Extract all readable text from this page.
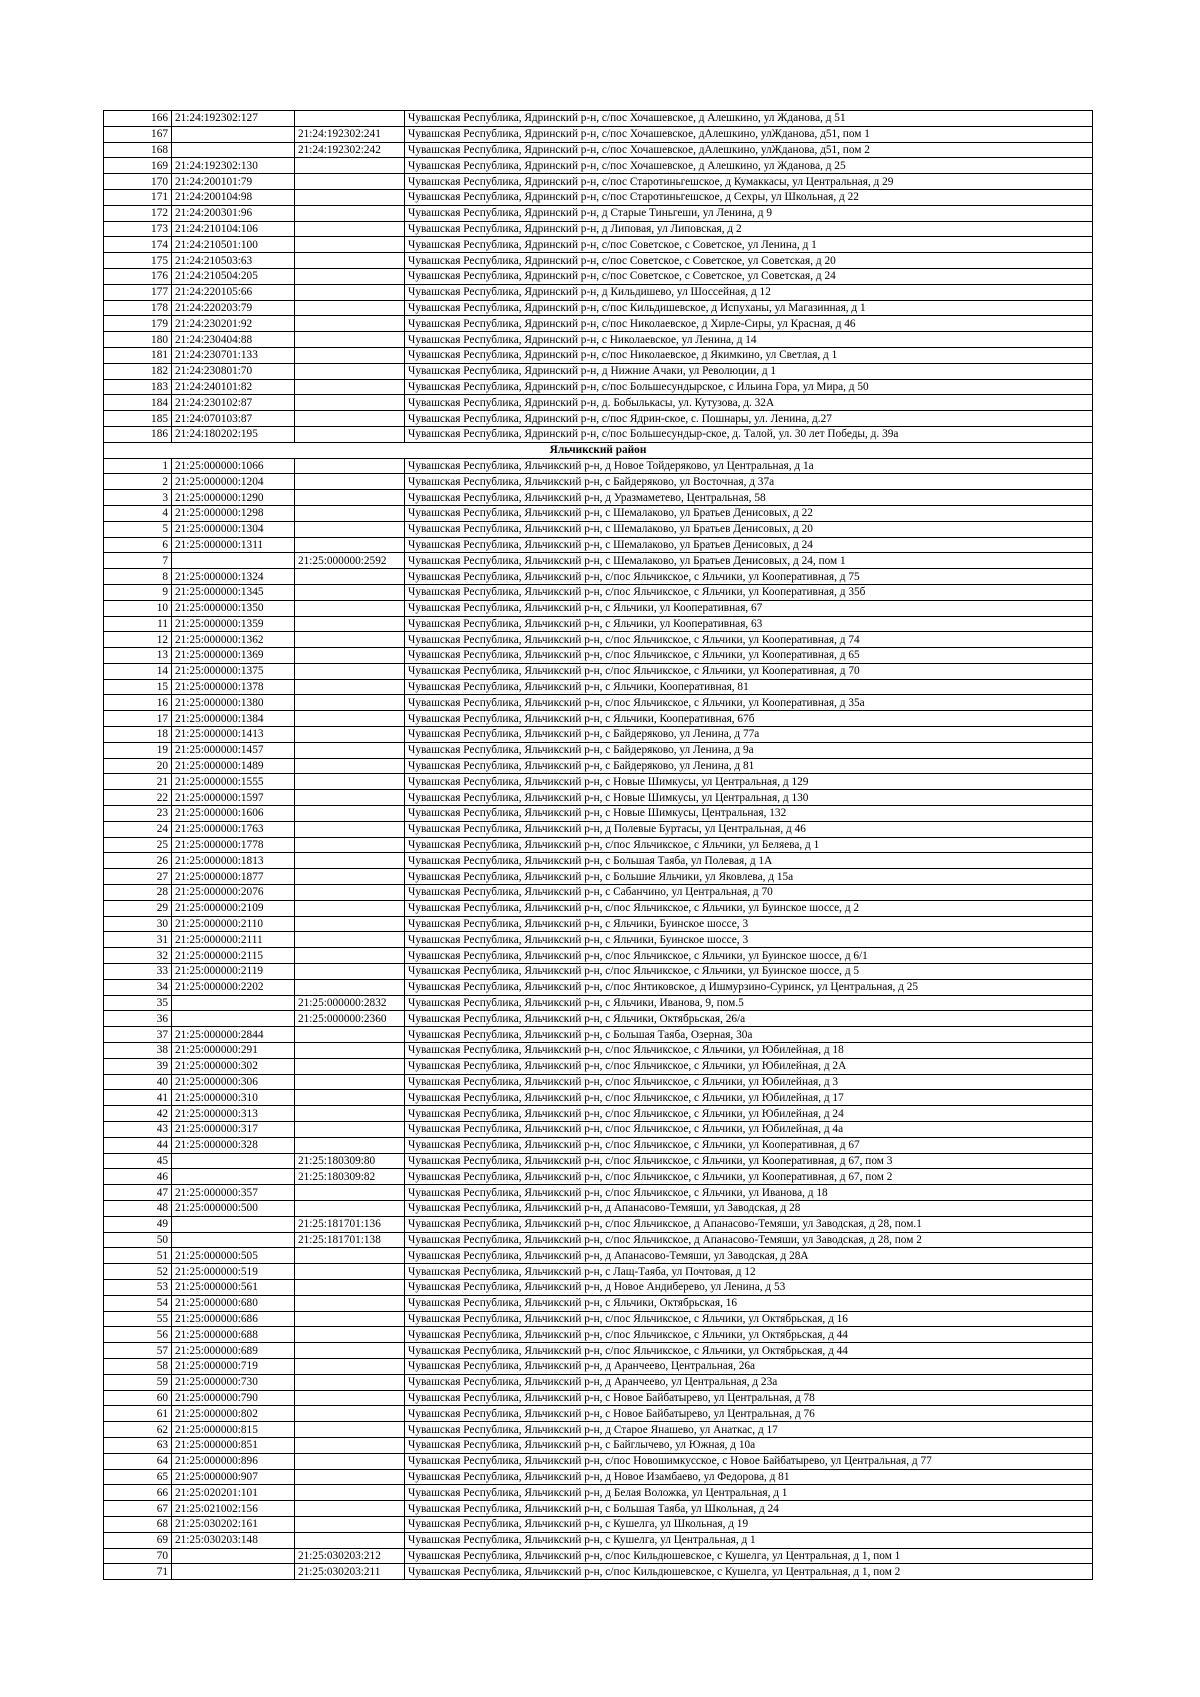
166	21:24:192302:127		Чувашская Республика, Ядринский р-н, с/пос Хочашевское, д Алешкино, ул Жданова, д 51
167		21:24:192302:241	Чувашская Республика, Ядринский р-н, с/пос Хочашевское, дАлешкино, улЖданова, д51, пом 1
168		21:24:192302:242	Чувашская Республика, Ядринский р-н, с/пос Хочашевское, дАлешкино, улЖданова, д51, пом 2
169	21:24:192302:130		Чувашская Республика, Ядринский р-н, с/пос Хочашевское, д Алешкино, ул Жданова, д 25
170	21:24:200101:79		Чувашская Республика, Ядринский р-н, с/пос Старотиньгешское, д Кумаккасы, ул Центральная, д 29
171	21:24:200104:98		Чувашская Республика, Ядринский р-н, с/пос Старотиньгешское, д Сехры, ул Школьная, д 22
172	21:24:200301:96		Чувашская Республика, Ядринский р-н, д Старые Тиньгеши, ул Ленина, д 9
173	21:24:210104:106		Чувашская Республика, Ядринский р-н, д Липовая, ул Липовская, д 2
174	21:24:210501:100		Чувашская Республика, Ядринский р-н, с/пос Советское, с Советское, ул Ленина, д 1
175	21:24:210503:63		Чувашская Республика, Ядринский р-н, с/пос Советское, с Советское, ул Советская, д 20
176	21:24:210504:205		Чувашская Республика, Ядринский р-н, с/пос Советское, с Советское, ул Советская, д 24
177	21:24:220105:66		Чувашская Республика, Ядринский р-н, д Кильдишево, ул Шоссейная, д 12
178	21:24:220203:79		Чувашская Республика, Ядринский р-н, с/пос Кильдишевское, д Испуханы, ул Магазинная, д 1
179	21:24:230201:92		Чувашская Республика, Ядринский р-н, с/пос Николаевское, д Хирле-Сиры, ул Красная, д 46
180	21:24:230404:88		Чувашская Республика, Ядринский р-н, с Николаевское, ул Ленина, д 14
181	21:24:230701:133		Чувашская Республика, Ядринский р-н, с/пос Николаевское, д Якимкино, ул Светлая, д 1
182	21:24:230801:70		Чувашская Республика, Ядринский р-н, д Нижние Ачаки, ул Революции, д 1
183	21:24:240101:82		Чувашская Республика, Ядринский р-н, с/пос Большесундырское, с Ильина Гора, ул Мира, д 50
184	21:24:230102:87		Чувашская Республика, Ядринский р-н, д. Бобылькасы, ул. Кутузова, д. 32А
185	21:24:070103:87		Чувашская Республика, Ядринский р-н, с/пос Ядрин-ское, с. Пошнары, ул. Ленина, д.27
186	21:24:180202:195		Чувашская Республика, Ядринский р-н, с/пос Большесундыр-ское, д. Талой, ул. 30 лет Победы, д. 39а
Яльчикский район			
1	21:25:000000:1066		Чувашская Республика, Яльчикский р-н, д Новое Тойдеряково, ул Центральная, д 1а
2	21:25:000000:1204		Чувашская Республика, Яльчикский р-н, с Байдеряково, ул Восточная, д 37а
3	21:25:000000:1290		Чувашская Республика, Яльчикский р-н, д Уразмаметево, Центральная, 58
4	21:25:000000:1298		Чувашская Республика, Яльчикский р-н, с Шемалаково, ул Братьев Денисовых, д 22
5	21:25:000000:1304		Чувашская Республика, Яльчикский р-н, с Шемалаково, ул Братьев Денисовых, д 20
6	21:25:000000:1311		Чувашская Республика, Яльчикский р-н, с Шемалаково, ул Братьев Денисовых, д 24
7		21:25:000000:2592	Чувашская Республика, Яльчикский р-н, с Шемалаково, ул Братьев Денисовых, д 24, пом 1
8	21:25:000000:1324		Чувашская Республика, Яльчикский р-н, с/пос Яльчикское, с Яльчики, ул Кооперативная, д 75
9	21:25:000000:1345		Чувашская Республика, Яльчикский р-н, с/пос Яльчикское, с Яльчики, ул Кооперативная, д 35б
10	21:25:000000:1350		Чувашская Республика, Яльчикский р-н, с Яльчики, ул Кооперативная, 67
11	21:25:000000:1359		Чувашская Республика, Яльчикский р-н, с Яльчики, ул Кооперативная, 63
12	21:25:000000:1362		Чувашская Республика, Яльчикский р-н, с/пос Яльчикское, с Яльчики, ул Кооперативная, д 74
13	21:25:000000:1369		Чувашская Республика, Яльчикский р-н, с/пос Яльчикское, с Яльчики, ул Кооперативная, д 65
14	21:25:000000:1375		Чувашская Республика, Яльчикский р-н, с/пос Яльчикское, с Яльчики, ул Кооперативная, д 70
15	21:25:000000:1378		Чувашская Республика, Яльчикский р-н, с Яльчики, Кооперативная, 81
16	21:25:000000:1380		Чувашская Республика, Яльчикский р-н, с/пос Яльчикское, с Яльчики, ул Кооперативная, д 35а
17	21:25:000000:1384		Чувашская Республика, Яльчикский р-н, с Яльчики, Кооперативная, 67б
18	21:25:000000:1413		Чувашская Республика, Яльчикский р-н, с Байдеряково, ул Ленина, д 77а
19	21:25:000000:1457		Чувашская Республика, Яльчикский р-н, с Байдеряково, ул Ленина, д 9а
20	21:25:000000:1489		Чувашская Республика, Яльчикский р-н, с Байдеряково, ул Ленина, д 81
21	21:25:000000:1555		Чувашская Республика, Яльчикский р-н, с Новые Шимкусы, ул Центральная, д 129
22	21:25:000000:1597		Чувашская Республика, Яльчикский р-н, с Новые Шимкусы, ул Центральная, д 130
23	21:25:000000:1606		Чувашская Республика, Яльчикский р-н, с Новые Шимкусы, Центральная, 132
24	21:25:000000:1763		Чувашская Республика, Яльчикский р-н, д Полевые Буртасы, ул Центральная, д 46
25	21:25:000000:1778		Чувашская Республика, Яльчикский р-н, с/пос Яльчикское, с Яльчики, ул Беляева, д 1
26	21:25:000000:1813		Чувашская Республика, Яльчикский р-н, с Большая Таяба, ул Полевая, д 1А
27	21:25:000000:1877		Чувашская Республика, Яльчикский р-н, с Большие Яльчики, ул Яковлева, д 15а
28	21:25:000000:2076		Чувашская Республика, Яльчикский р-н, с Сабанчино, ул Центральная, д 70
29	21:25:000000:2109		Чувашская Республика, Яльчикский р-н, с/пос Яльчикское, с Яльчики, ул Буинское шоссе, д 2
30	21:25:000000:2110		Чувашская Республика, Яльчикский р-н, с Яльчики, Буинское шоссе, 3
31	21:25:000000:2111		Чувашская Республика, Яльчикский р-н, с Яльчики, Буинское шоссе, 3
32	21:25:000000:2115		Чувашская Республика, Яльчикский р-н, с/пос Яльчикское, с Яльчики, ул Буинское шоссе, д 6/1
33	21:25:000000:2119		Чувашская Республика, Яльчикский р-н, с/пос Яльчикское, с Яльчики, ул Буинское шоссе, д 5
34	21:25:000000:2202		Чувашская Республика, Яльчикский р-н, с/пос Янтиковское, д Ишмурзино-Суринск, ул Центральная, д 25
35		21:25:000000:2832	Чувашская Республика, Яльчикский р-н, с Яльчики, Иванова, 9, пом.5
36		21:25:000000:2360	Чувашская Республика, Яльчикский р-н, с Яльчики, Октябрьская, 26/а
37	21:25:000000:2844		Чувашская Республика, Яльчикский р-н, с Большая Таяба, Озерная, 30а
38	21:25:000000:291		Чувашская Республика, Яльчикский р-н, с/пос Яльчикское, с Яльчики, ул Юбилейная, д 18
39	21:25:000000:302		Чувашская Республика, Яльчикский р-н, с/пос Яльчикское, с Яльчики, ул Юбилейная, д 2А
40	21:25:000000:306		Чувашская Республика, Яльчикский р-н, с/пос Яльчикское, с Яльчики, ул Юбилейная, д 3
41	21:25:000000:310		Чувашская Республика, Яльчикский р-н, с/пос Яльчикское, с Яльчики, ул Юбилейная, д 17
42	21:25:000000:313		Чувашская Республика, Яльчикский р-н, с/пос Яльчикское, с Яльчики, ул Юбилейная, д 24
43	21:25:000000:317		Чувашская Республика, Яльчикский р-н, с/пос Яльчикское, с Яльчики, ул Юбилейная, д 4а
44	21:25:000000:328		Чувашская Республика, Яльчикский р-н, с/пос Яльчикское, с Яльчики, ул Кооперативная, д 67
45		21:25:180309:80	Чувашская Республика, Яльчикский р-н, с/пос Яльчикское, с Яльчики, ул Кооперативная, д 67, пом 3
46		21:25:180309:82	Чувашская Республика, Яльчикский р-н, с/пос Яльчикское, с Яльчики, ул Кооперативная, д 67, пом 2
47	21:25:000000:357		Чувашская Республика, Яльчикский р-н, с/пос Яльчикское, с Яльчики, ул Иванова, д 18
48	21:25:000000:500		Чувашская Республика, Яльчикский р-н, д Апанасово-Темяши, ул Заводская, д 28
49		21:25:181701:136	Чувашская Республика, Яльчикский р-н, с/пос Яльчикское, д Апанасово-Темяши, ул Заводская, д 28, пом.1
50		21:25:181701:138	Чувашская Республика, Яльчикский р-н, с/пос Яльчикское, д Апанасово-Темяши, ул Заводская, д 28, пом 2
51	21:25:000000:505		Чувашская Республика, Яльчикский р-н, д Апанасово-Темяши, ул Заводская, д 28А
52	21:25:000000:519		Чувашская Республика, Яльчикский р-н, с Лащ-Таяба, ул Почтовая, д 12
53	21:25:000000:561		Чувашская Республика, Яльчикский р-н, д Новое Андиберево, ул Ленина, д 53
54	21:25:000000:680		Чувашская Республика, Яльчикский р-н, с Яльчики, Октябрьская, 16
55	21:25:000000:686		Чувашская Республика, Яльчикский р-н, с/пос Яльчикское, с Яльчики, ул Октябрьская, д 16
56	21:25:000000:688		Чувашская Республика, Яльчикский р-н, с/пос Яльчикское, с Яльчики, ул Октябрьская, д 44
57	21:25:000000:689		Чувашская Республика, Яльчикский р-н, с/пос Яльчикское, с Яльчики, ул Октябрьская, д 44
58	21:25:000000:719		Чувашская Республика, Яльчикский р-н, д Аранчеево, Центральная, 26а
59	21:25:000000:730		Чувашская Республика, Яльчикский р-н, д Аранчеево, ул Центральная, д 23а
60	21:25:000000:790		Чувашская Республика, Яльчикский р-н, с Новое Байбатырево, ул Центральная, д 78
61	21:25:000000:802		Чувашская Республика, Яльчикский р-н, с Новое Байбатырево, ул Центральная, д 76
62	21:25:000000:815		Чувашская Республика, Яльчикский р-н, д Старое Янашево, ул Анаткас, д 17
63	21:25:000000:851		Чувашская Республика, Яльчикский р-н, с Байглычево, ул Южная, д 10а
64	21:25:000000:896		Чувашская Республика, Яльчикский р-н, с/пос Новошимкусское, с Новое Байбатырево, ул Центральная, д 77
65	21:25:000000:907		Чувашская Республика, Яльчикский р-н, д Новое Изамбаево, ул Федорова, д 81
66	21:25:020201:101		Чувашская Республика, Яльчикский р-н, д Белая Воложка, ул Центральная, д 1
67	21:25:021002:156		Чувашская Республика, Яльчикский р-н, с Большая Таяба, ул Школьная, д 24
68	21:25:030202:161		Чувашская Республика, Яльчикский р-н, с Кушелга, ул Школьная, д 19
69	21:25:030203:148		Чувашская Республика, Яльчикский р-н, с Кушелга, ул Центральная, д 1
70		21:25:030203:212	Чувашская Республика, Яльчикский р-н, с/пос Кильдюшевское, с Кушелга, ул Центральная, д 1, пом 1
71		21:25:030203:211	Чувашская Республика, Яльчикский р-н, с/пос Кильдюшевское, с Кушелга, ул Центральная, д 1, пом 2
